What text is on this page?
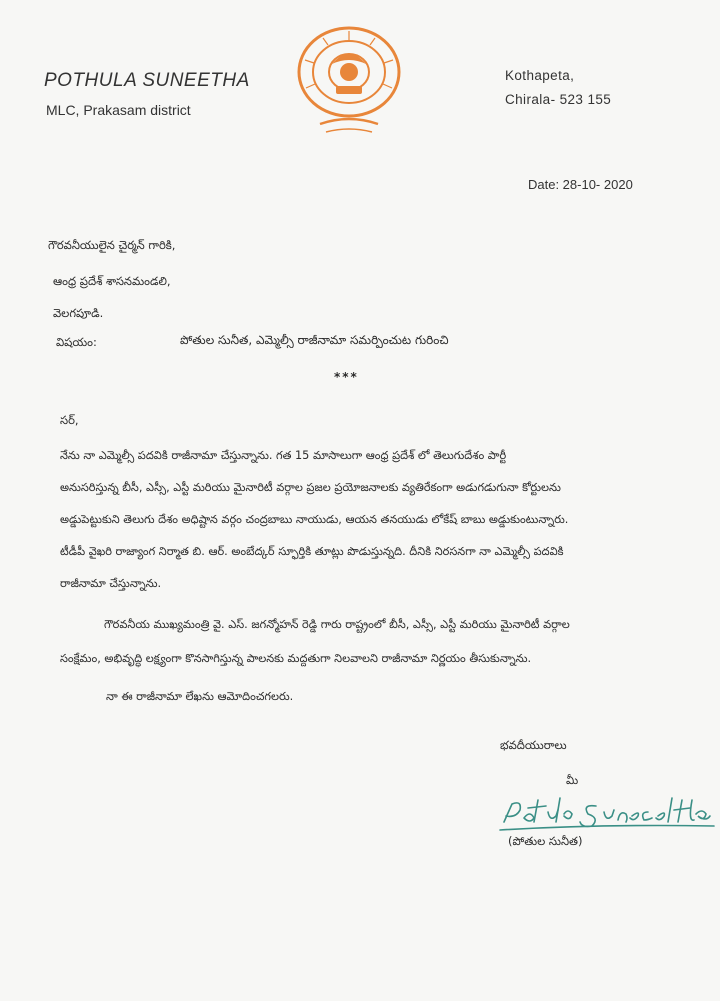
POTHULA SUNEETHA
MLC, Prakasam district
Kothapeta,
Chirala- 523 155
Date: 28-10- 2020
గౌరవనీయులైన చైర్మన్ గారికి,
ఆంధ్ర ప్రదేశ్ శాసనమండలి,
వెలగపూడి.
విషయం:	పోతుల సునీత, ఎమ్మెల్సీ రాజీనామా సమర్పించుట గురించి
***
సర్,
నేను నా ఎమ్మెల్సీ పదవికి రాజీనామా చేస్తున్నాను. గత 15 మాసాలుగా ఆంధ్ర ప్రదేశ్ లో తెలుగుదేశం పార్టీ
అనుసరిస్తున్న బీసీ, ఎస్సీ, ఎస్టీ మరియు మైనారిటీ వర్గాల ప్రజల ప్రయోజనాలకు వ్యతిరేకంగా అడుగడుగునా కోర్టులను
అడ్డుపెట్టుకుని తెలుగు దేశం అధిష్టాన వర్గం చంద్రబాబు నాయుడు, ఆయన తనయుడు లోకేష్ బాబు అడ్డుకుంటున్నారు.
టీడీపీ వైఖరి రాజ్యాంగ నిర్మాత బి. ఆర్. అంబేద్కర్ స్ఫూర్తికి తూట్లు పొడుస్తున్నది. దీనికి నిరసనగా నా ఎమ్మెల్సీ పదవికి
రాజీనామా చేస్తున్నాను.
గౌరవనీయ ముఖ్యమంత్రి వై. ఎస్. జగన్మోహన్ రెడ్డి గారు రాష్ట్రంలో బీసీ, ఎస్సీ, ఎస్టీ మరియు మైనారిటీ వర్గాల
సంక్షేమం, అభివృద్ధి లక్ష్యంగా కొనసాగిస్తున్న పాలనకు మద్దతుగా నిలవాలని రాజీనామా నిర్ణయం తీసుకున్నాను.
నా ఈ రాజీనామా లేఖను ఆమోదించగలరు.
భవదీయురాలు
మీ
(పోతుల సునీత)
